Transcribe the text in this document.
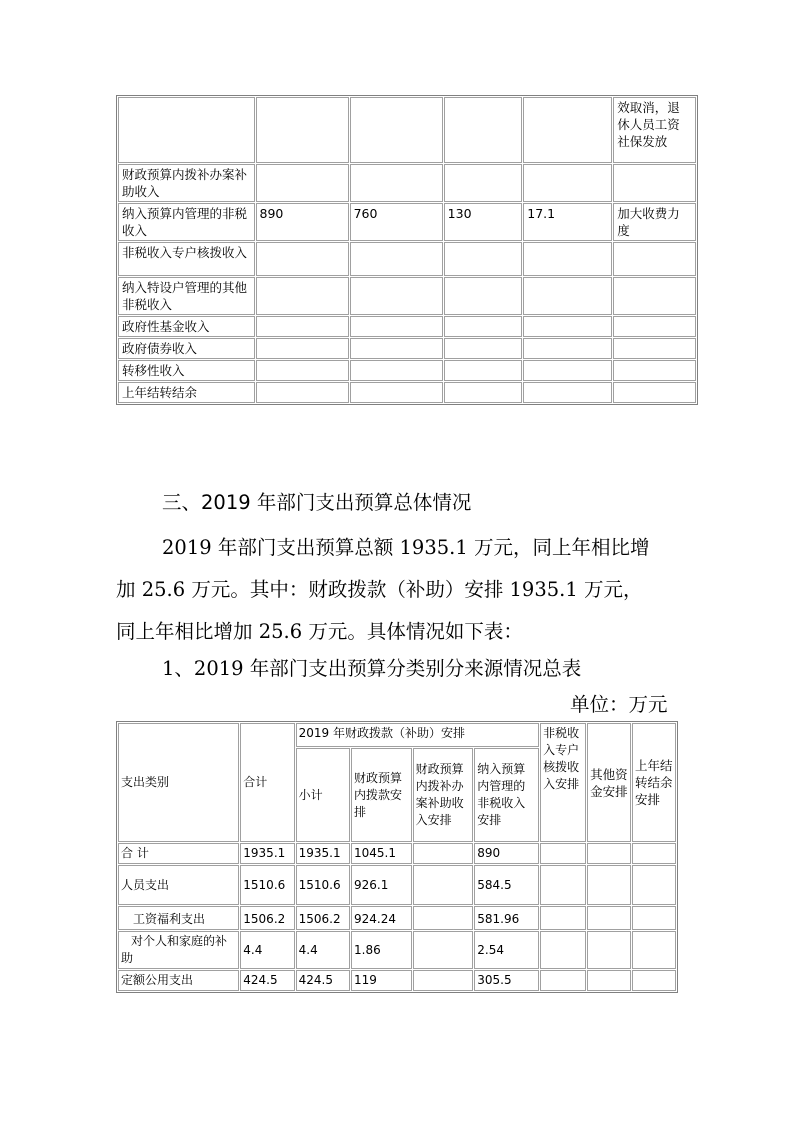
					效取消，退休人员工资社保发放
财政预算内拨补办案补助收入					
纳入预算内管理的非税收入	890	760	130	17.1	加大收费力度
非税收入专户核拨收入					
纳入特设户管理的其他非税收入					
政府性基金收入					
政府债券收入					
转移性收入					
上年结转结余					
三、2019 年部门支出预算总体情况
2019 年部门支出预算总额 1935.1 万元，同上年相比增
加 25.6 万元。其中：财政拨款（补助）安排 1935.1 万元，
同上年相比增加 25.6 万元。具体情况如下表：
1、2019 年部门支出预算分类别分来源情况总表
单位：万元
支出类别	合计	2019 年财政拨款（补助）安排				非税收入专户核拨收入安排	其他资金安排	上年结转结余安排
		小计	财政预算内拨款安排	财政预算内拨补办案补助收入安排	纳入预算内管理的非税收入安排			
合 计	1935.1	1935.1	1045.1		890			
人员支出	1510.6	1510.6	926.1		584.5			
工资福利支出	1506.2	1506.2	924.24		581.96			
对个人和家庭的补助	4.4	4.4	1.86		2.54			
定额公用支出	424.5	424.5	119		305.5			
